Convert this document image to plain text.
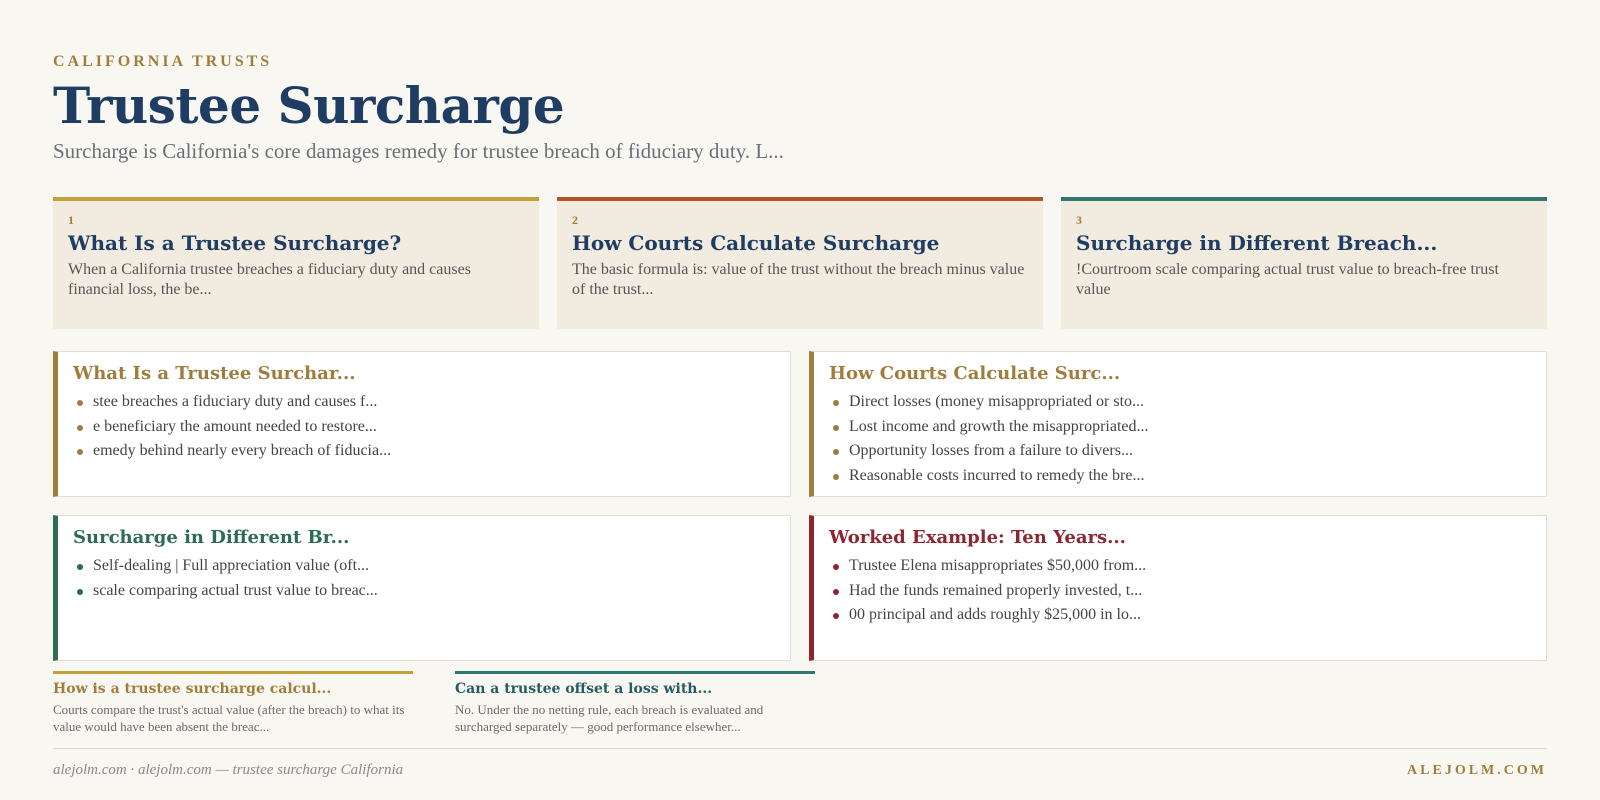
CALIFORNIA TRUSTS
Trustee Surcharge

Surcharge is California's core damages remedy for trustee breach of fiduciary duty. L...

1
What Is a Trustee Surcharge?
When a California trustee breaches a fiduciary duty and causes financial loss, the be...
2
How Courts Calculate Surcharge
The basic formula is: value of the trust without the breach minus value of the trust...
3
Surcharge in Different Breach...
!Courtroom scale comparing actual trust value to breach-free trust value
What Is a Trustee Surchar...
stee breaches a fiduciary duty and causes f...
e beneficiary the amount needed to restore...
emedy behind nearly every breach of fiducia...
How Courts Calculate Surc...
Direct losses (money misappropriated or sto...
Lost income and growth the misappropriated...
Opportunity losses from a failure to divers...
Reasonable costs incurred to remedy the bre...
Surcharge in Different Br...
Self-dealing | Full appreciation value (oft...
scale comparing actual trust value to breac...
Worked Example: Ten Years...
Trustee Elena misappropriates $50,000 from...
Had the funds remained properly invested, t...
00 principal and adds roughly $25,000 in lo...
How is a trustee surcharge calcul...
Courts compare the trust's actual value (after the breach) to what its value would have been absent the breac...
Can a trustee offset a loss with...
No. Under the no netting rule, each breach is evaluated and surcharged separately — good performance elsewher...
alejolm.com · alejolm.com — trustee surcharge California	ALEJOLM.COM
